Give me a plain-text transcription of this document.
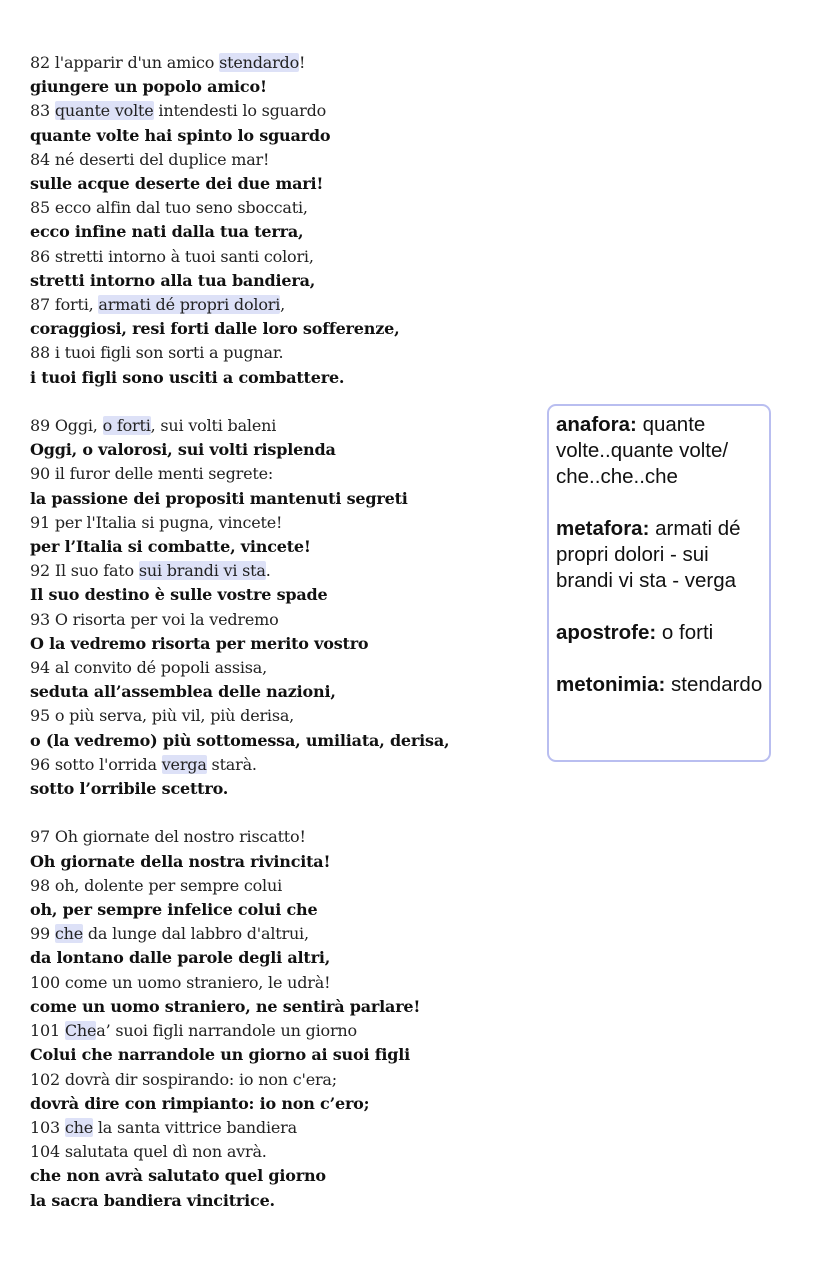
82 l'apparir d'un amico stendardo!
giungere un popolo amico!
83 quante volte intendesti lo sguardo
quante volte hai spinto lo sguardo
84 né deserti del duplice mar!
sulle acque deserte dei due mari!
85 ecco alfin dal tuo seno sboccati,
ecco infine nati dalla tua terra,
86 stretti intorno à tuoi santi colori,
stretti intorno alla tua bandiera,
87 forti, armati dé propri dolori,
coraggiosi, resi forti dalle loro sofferenze,
88 i tuoi figli son sorti a pugnar.
i tuoi figli sono usciti a combattere.
89 Oggi, o forti, sui volti baleni
Oggi, o valorosi, sui volti risplenda
90 il furor delle menti segrete:
la passione dei propositi mantenuti segreti
91 per l'Italia si pugna, vincete!
per l’Italia si combatte, vincete!
92 Il suo fato sui brandi vi sta.
Il suo destino è sulle vostre spade
93 O risorta per voi la vedremo
O la vedremo risorta per merito vostro
94 al convito dé popoli assisa,
seduta all’assemblea delle nazioni,
95 o più serva, più vil, più derisa,
o (la vedremo) più sottomessa, umiliata, derisa,
96 sotto l'orrida verga starà.
sotto l’orribile scettro.
97 Oh giornate del nostro riscatto!
Oh giornate della nostra rivincita!
98 oh, dolente per sempre colui
oh, per sempre infelice colui che
99 che da lunge dal labbro d'altrui,
da lontano dalle parole degli altri,
100 come un uomo straniero, le udrà!
come un uomo straniero, ne sentirà parlare!
101 Chea’ suoi figli narrandole un giorno
Colui che narrandole un giorno ai suoi figli
102 dovrà dir sospirando: io non c'era;
dovrà dire con rimpianto: io non c’ero;
103 che la santa vittrice bandiera
104 salutata quel dì non avrà.
che non avrà salutato quel giorno
la sacra bandiera vincitrice.
anafora: quante volte..quante volte/ che..che..che
metafora: armati dé propri dolori - sui brandi vi sta - verga
apostrofe: o forti
metonimia: stendardo
